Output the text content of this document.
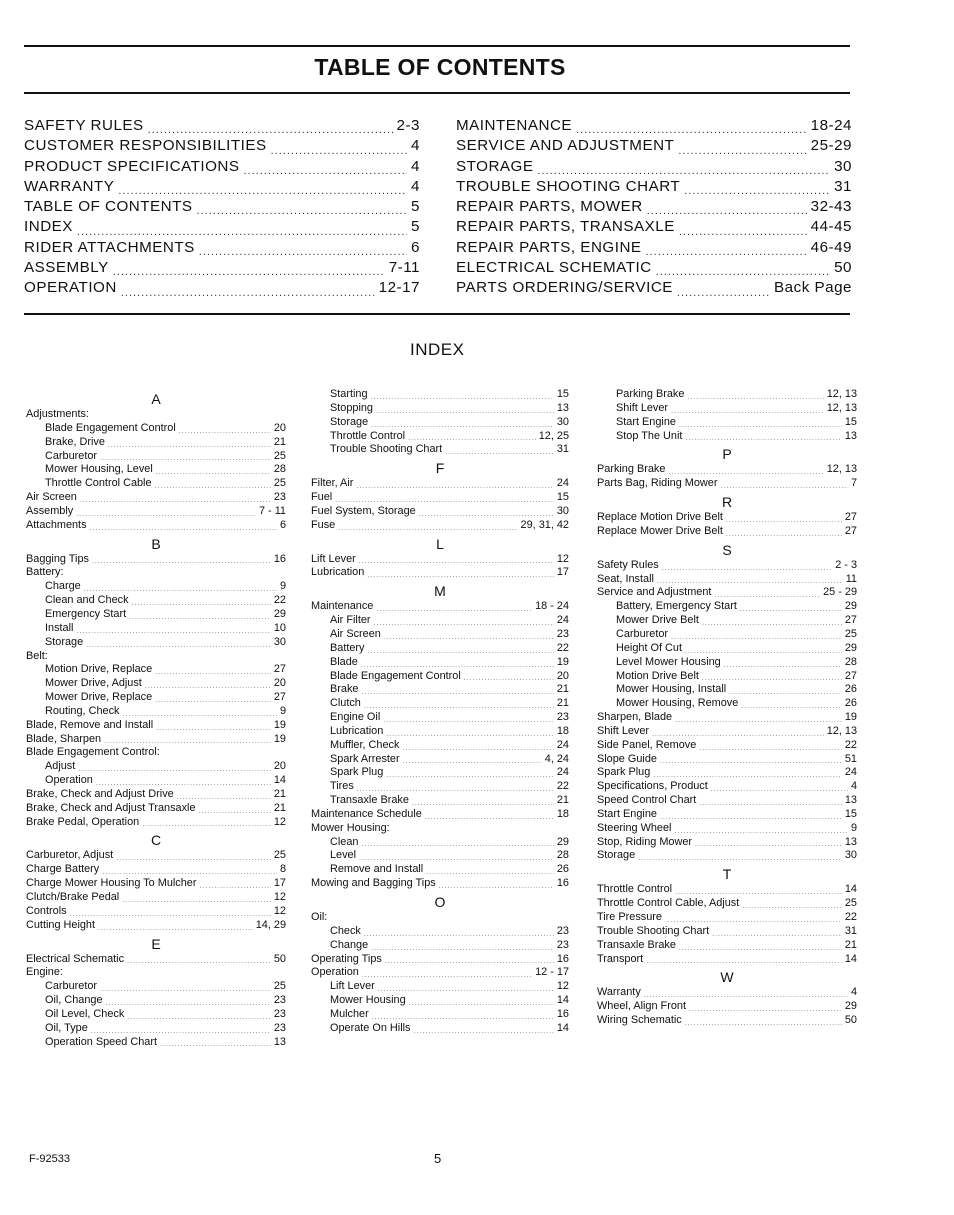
TABLE OF CONTENTS
SAFETY RULES .....	2-3
CUSTOMER RESPONSIBILITIES .....	4
PRODUCT SPECIFICATIONS .....	4
WARRANTY .....	4
TABLE OF CONTENTS .....	5
INDEX .....	5
RIDER ATTACHMENTS .....	6
ASSEMBLY .....	7-11
OPERATION .....	12-17
MAINTENANCE .....	18-24
SERVICE AND ADJUSTMENT .....	25-29
STORAGE .....	30
TROUBLE SHOOTING CHART .....	31
REPAIR PARTS, MOWER .....	32-43
REPAIR PARTS, TRANSAXLE .....	44-45
REPAIR PARTS, ENGINE .....	46-49
ELECTRICAL SCHEMATIC .....	50
PARTS ORDERING/SERVICE .....	Back Page
INDEX
A
Adjustments:
Blade Engagement Control .....	20
Brake, Drive .....	21
Carburetor .....	25
Mower Housing, Level .....	28
Throttle Control Cable .....	25
Air Screen .....	23
Assembly .....	7 - 11
Attachments .....	6
B
Bagging Tips .....	16
Battery:
Charge .....	9
Clean and Check .....	22
Emergency Start .....	29
Install .....	10
Storage .....	30
Belt:
Motion Drive, Replace .....	27
Mower Drive, Adjust .....	20
Mower Drive, Replace .....	27
Routing, Check .....	9
Blade, Remove and Install .....	19
Blade, Sharpen .....	19
Blade Engagement Control:
Adjust .....	20
Operation .....	14
Brake, Check and Adjust Drive .....	21
Brake, Check and Adjust Transaxle .....	21
Brake Pedal, Operation .....	12
C
Carburetor, Adjust .....	25
Charge Battery .....	8
Charge Mower Housing To Mulcher .....	17
Clutch/Brake Pedal .....	12
Controls .....	12
Cutting Height .....	14, 29
E
Electrical Schematic .....	50
Engine:
Carburetor .....	25
Oil, Change .....	23
Oil Level, Check .....	23
Oil, Type .....	23
Operation Speed Chart .....	13
Starting .....	15
Stopping .....	13
Storage .....	30
Throttle Control .....	12, 25
Trouble Shooting Chart .....	31
F
Filter, Air .....	24
Fuel .....	15
Fuel System, Storage .....	30
Fuse .....	29, 31, 42
L
Lift Lever .....	12
Lubrication .....	17
M
Maintenance .....	18 - 24
Air Filter .....	24
Air Screen .....	23
Battery .....	22
Blade .....	19
Blade Engagement Control .....	20
Brake .....	21
Clutch .....	21
Engine Oil .....	23
Lubrication .....	18
Muffler, Check .....	24
Spark Arrester .....	4, 24
Spark Plug .....	24
Tires .....	22
Transaxle Brake .....	21
Maintenance Schedule .....	18
Mower Housing:
Clean .....	29
Level .....	28
Remove and Install .....	26
Mowing and Bagging Tips .....	16
O
Oil:
Check .....	23
Change .....	23
Operating Tips .....	16
Operation .....	12 - 17
Lift Lever .....	12
Mower Housing .....	14
Mulcher .....	16
Operate On Hills .....	14
Parking Brake .....	12, 13
Shift Lever .....	12, 13
Start Engine .....	15
Stop The Unit .....	13
P
Parking Brake .....	12, 13
Parts Bag, Riding Mower .....	7
R
Replace Motion Drive Belt .....	27
Replace Mower Drive Belt .....	27
S
Safety Rules .....	2 - 3
Seat, Install .....	11
Service and Adjustment .....	25 - 29
Battery, Emergency Start .....	29
Mower Drive Belt .....	27
Carburetor .....	25
Height Of Cut .....	29
Level Mower Housing .....	28
Motion Drive Belt .....	27
Mower Housing, Install .....	26
Mower Housing, Remove .....	26
Sharpen, Blade .....	19
Shift Lever .....	12, 13
Side Panel, Remove .....	22
Slope Guide .....	51
Spark Plug .....	24
Specifications, Product .....	4
Speed Control Chart .....	13
Start Engine .....	15
Steering Wheel .....	9
Stop, Riding Mower .....	13
Storage .....	30
T
Throttle Control .....	14
Throttle Control Cable, Adjust .....	25
Tire Pressure .....	22
Trouble Shooting Chart .....	31
Transaxle Brake .....	21
Transport .....	14
W
Warranty .....	4
Wheel, Align Front .....	29
Wiring Schematic .....	50
F-92533	5
